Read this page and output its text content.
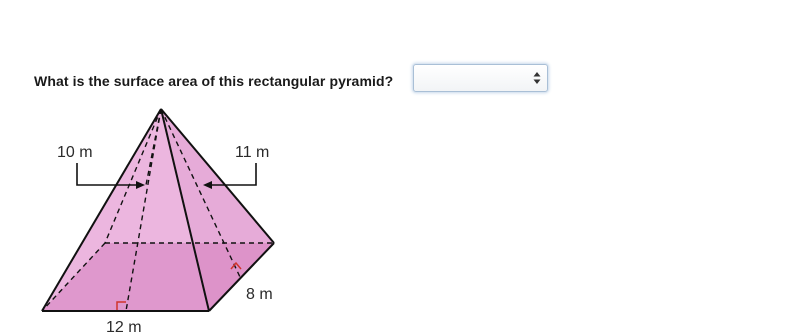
What is the surface area of this rectangular pyramid?
10 m	11 m
8 m
12 m
